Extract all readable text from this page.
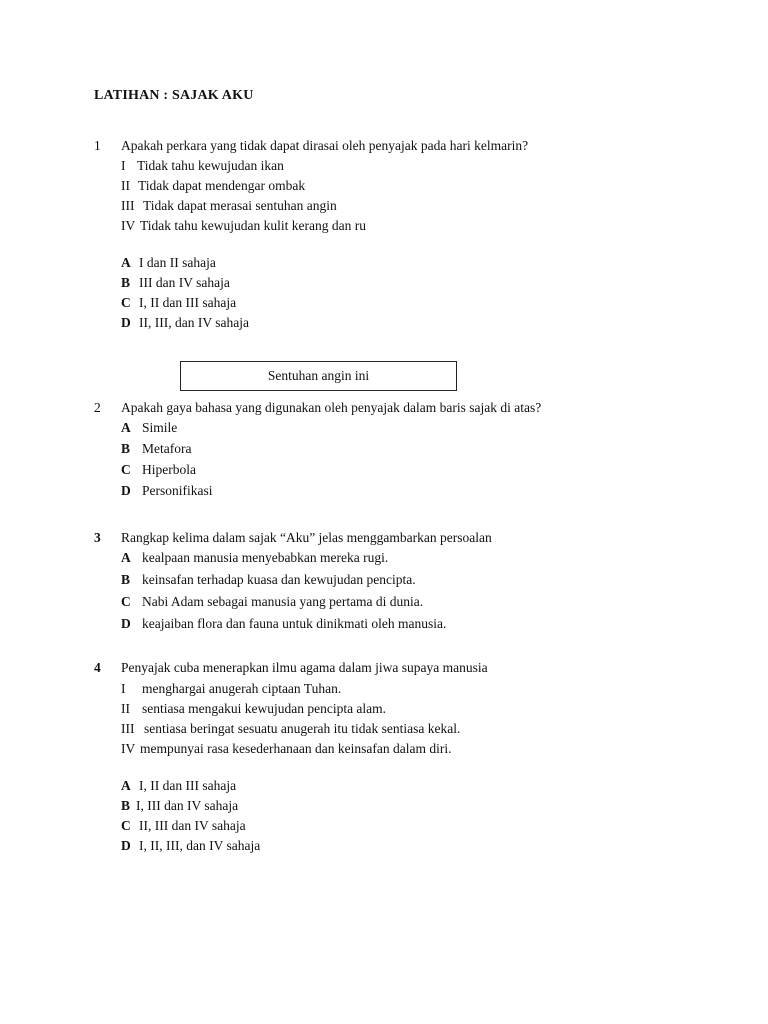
LATIHAN : SAJAK AKU
1 Apakah perkara yang tidak dapat dirasai oleh penyajak pada hari kelmarin?
I Tidak tahu kewujudan ikan
II Tidak dapat mendengar ombak
III Tidak dapat merasai sentuhan angin
IV Tidak tahu kewujudan kulit kerang dan ru
A I dan II sahaja
B III dan IV sahaja
C I, II dan III sahaja
D II, III, dan IV sahaja
Sentuhan angin ini
2 Apakah gaya bahasa yang digunakan oleh penyajak dalam baris sajak di atas?
A Simile
B Metafora
C Hiperbola
D Personifikasi
3 Rangkap kelima dalam sajak “Aku” jelas menggambarkan persoalan
A kealpaan manusia menyebabkan mereka rugi.
B keinsafan terhadap kuasa dan kewujudan pencipta.
C Nabi Adam sebagai manusia yang pertama di dunia.
D keajaiban flora dan fauna untuk dinikmati oleh manusia.
4 Penyajak cuba menerapkan ilmu agama dalam jiwa supaya manusia
I menghargai anugerah ciptaan Tuhan.
II sentiasa mengakui kewujudan pencipta alam.
III sentiasa beringat sesuatu anugerah itu tidak sentiasa kekal.
IV mempunyai rasa kesederhanaan dan keinsafan dalam diri.
A I, II dan III sahaja
B I, III dan IV sahaja
C II, III dan IV sahaja
D I, II, III, dan IV sahaja
